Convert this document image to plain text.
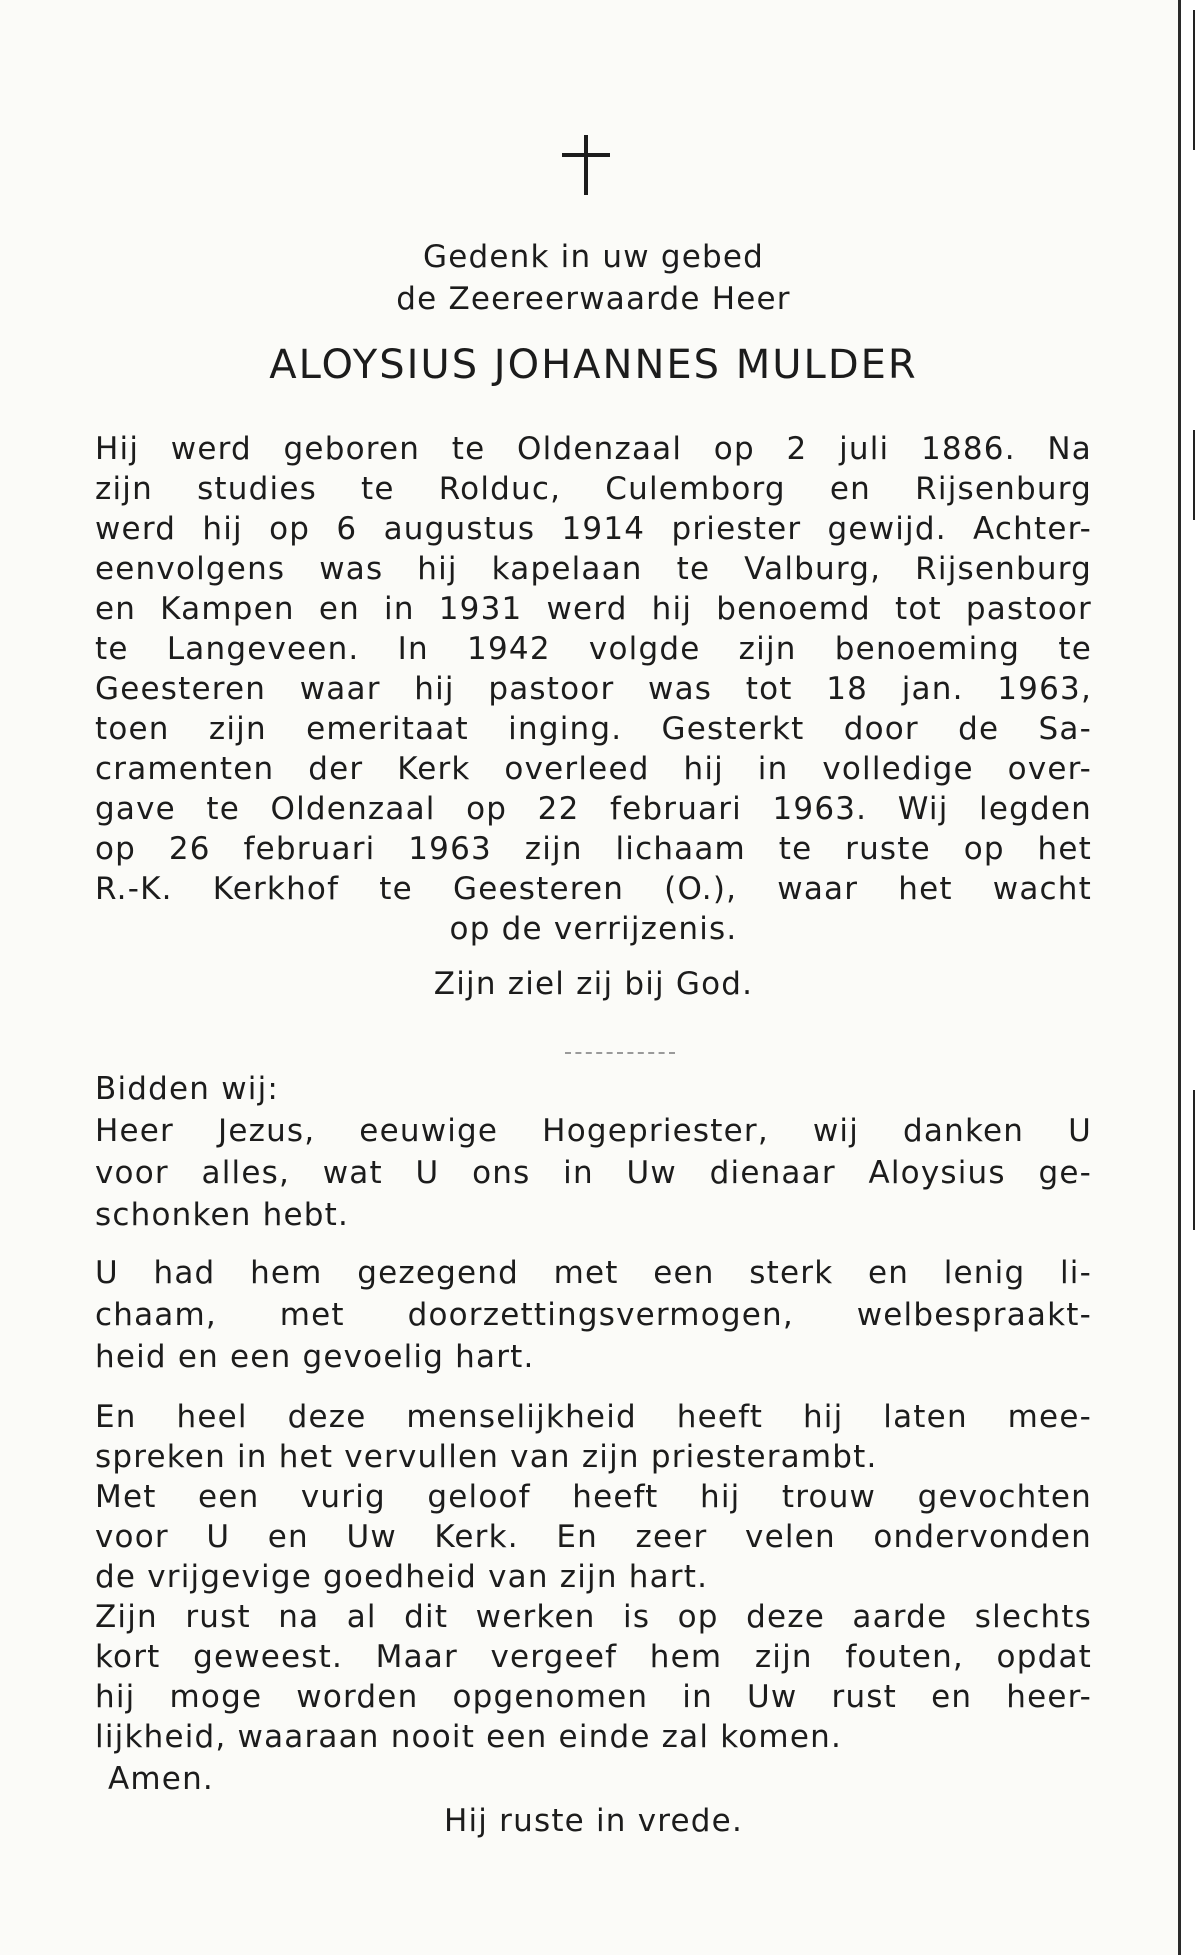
Gedenk in uw gebed
de Zeereerwaarde Heer
ALOYSIUS JOHANNES MULDER
Hij werd geboren te Oldenzaal op 2 juli 1886. Na
zijn studies te Rolduc, Culemborg en Rijsenburg
werd hij op 6 augustus 1914 priester gewijd. Achter-
eenvolgens was hij kapelaan te Valburg, Rijsenburg
en Kampen en in 1931 werd hij benoemd tot pastoor
te Langeveen. In 1942 volgde zijn benoeming te
Geesteren waar hij pastoor was tot 18 jan. 1963,
toen zijn emeritaat inging. Gesterkt door de Sa-
cramenten der Kerk overleed hij in volledige over-
gave te Oldenzaal op 22 februari 1963. Wij legden
op 26 februari 1963 zijn lichaam te ruste op het
R.-K. Kerkhof te Geesteren (O.), waar het wacht
op de verrijzenis.
Zijn ziel zij bij God.
Bidden wij:
Heer Jezus, eeuwige Hogepriester, wij danken U
voor alles, wat U ons in Uw dienaar Aloysius ge-
schonken hebt.
U had hem gezegend met een sterk en lenig li-
chaam, met doorzettingsvermogen, welbespraakt-
heid en een gevoelig hart.
En heel deze menselijkheid heeft hij laten mee-
spreken in het vervullen van zijn priesterambt.
Met een vurig geloof heeft hij trouw gevochten
voor U en Uw Kerk. En zeer velen ondervonden
de vrijgevige goedheid van zijn hart.
Zijn rust na al dit werken is op deze aarde slechts
kort geweest. Maar vergeef hem zijn fouten, opdat
hij moge worden opgenomen in Uw rust en heer-
lijkheid, waaraan nooit een einde zal komen.
Amen.
Hij ruste in vrede.
